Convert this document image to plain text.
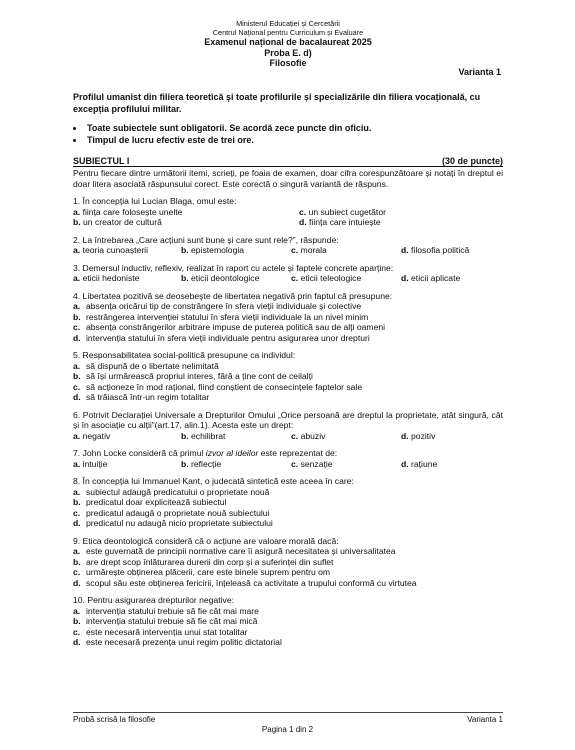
Ministerul Educației și Cercetării
Centrul Național pentru Curriculum și Evaluare
Examenul național de bacalaureat 2025
Proba E. d)
Filosofie
Varianta 1
Profilul umanist din filiera teoretică și toate profilurile și specializările din filiera vocațională, cu excepția profilului militar.
• Toate subiectele sunt obligatorii. Se acordă zece puncte din oficiu.
• Timpul de lucru efectiv este de trei ore.
SUBIECTUL I	(30 de puncte)
Pentru fiecare dintre următorii itemi, scrieți, pe foaia de examen, doar cifra corespunzătoare și notați în dreptul ei doar litera asociată răspunsului corect. Este corectă o singură variantă de răspuns.
1. În concepția lui Lucian Blaga, omul este:
a. ființa care folosește unelte	c. un subiect cugetător
b. un creator de cultură	d. ființa care intuiește
2. La întrebarea „Care acțiuni sunt bune și care sunt rele?”, răspunde:
a. teoria cunoașterii	b. epistemologia	c. morala	d. filosofia politică
3. Demersul inductiv, reflexiv, realizat în raport cu actele și faptele concrete aparține:
a. eticii hedoniste	b. eticii deontologice	c. eticii teleologice	d. eticii aplicate
4. Libertatea pozitivă se deosebește de libertatea negativă prin faptul că presupune:
a. absența oricărui tip de constrângere în sfera vieții individuale și colective
b. restrângerea intervenției statului în sfera vieții individuale la un nivel minim
c. absența constrângerilor arbitrare impuse de puterea politică sau de alți oameni
d. intervenția statului în sfera vieții individuale pentru asigurarea unor drepturi
5. Responsabilitatea social-politică presupune ca individul:
a. să dispună de o libertate nelimitată
b. să își urmărească propriul interes, fără a ține cont de ceilalți
c. să acționeze în mod rațional, fiind conștient de consecințele faptelor sale
d. să trăiască într-un regim totalitar
6. Potrivit Declarației Universale a Drepturilor Omului „Orice persoană are dreptul la proprietate, atât singură, cât și în asociație cu alții”(art.17, alin.1). Acesta este un drept:
a. negativ	b. echilibrat	c. abuziv	d. pozitiv
7. John Locke consideră că primul izvor al ideilor este reprezentat de:
a. intuiție	b. reflecție	c. senzație	d. rațiune
8. În concepția lui Immanuel Kant, o judecată sintetică este aceea în care:
a. subiectul adaugă predicatului o proprietate nouă
b. predicatul doar explicitează subiectul
c. predicatul adaugă o proprietate nouă subiectului
d. predicatul nu adaugă nicio proprietate subiectului
9. Etica deontologică consideră că o acțiune are valoare morală dacă:
a. este guvernată de principii normative care îi asigură necesitatea și universalitatea
b. are drept scop înlăturarea durerii din corp și a suferinței din suflet
c. urmărește obținerea plăcerii, care este binele suprem pentru om
d. scopul său este obținerea fericirii, înțeleasă ca activitate a trupului conformă cu virtutea
10. Pentru asigurarea drepturilor negative:
a. intervenția statului trebuie să fie cât mai mare
b. intervenția statului trebuie să fie cât mai mică
c. este necesară intervenția unui stat totalitar
d. este necesară prezența unui regim politic dictatorial
Probă scrisă la filosofie	Varianta 1
Pagina 1 din 2
